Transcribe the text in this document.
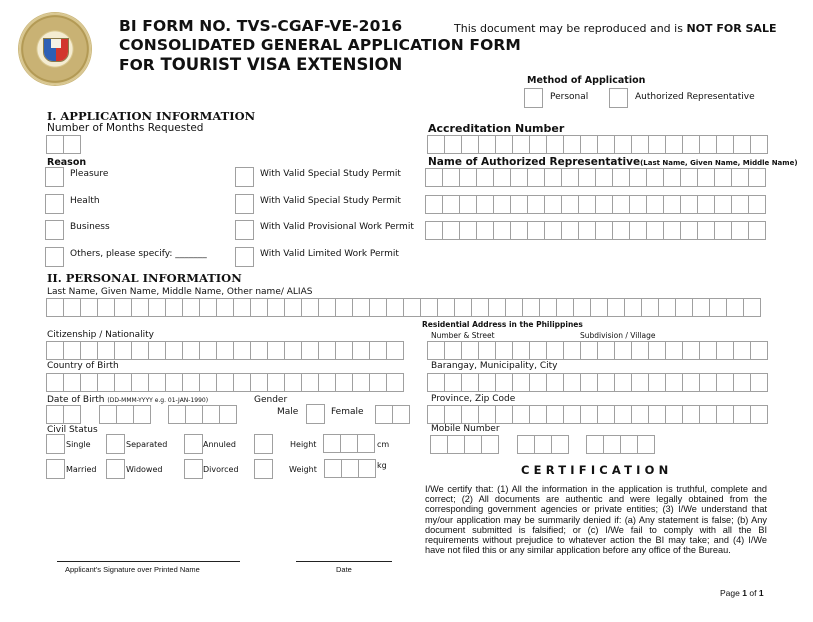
BI FORM NO. TVS-CGAF-VE-2016
CONSOLIDATED GENERAL APPLICATION FORM
FOR TOURIST VISA EXTENSION
This document may be reproduced and is NOT FOR SALE
Method of Application
Personal	Authorized Representative
I. APPLICATION INFORMATION
Number of Months Requested
Reason
Pleasure
Health
Business
Others, please specify: _______
With Valid Special Study Permit
With Valid Special Study Permit
With Valid Provisional Work Permit
With Valid Limited Work Permit
Accreditation Number
Name of Authorized Representative(Last Name, Given Name, Middle Name)
II. PERSONAL INFORMATION
Last Name, Given Name, Middle Name, Other name/ ALIAS
Citizenship / Nationality
Country of Birth
Date of Birth (DD-MMM-YYYY e.g. 01-JAN-1990)	Gender
Male	Female
Civil Status
Single	Separated	Annuled	Height	cm
Married	Widowed	Divorced	Weight	kg
Residential Address in the Philippines
Number & Street	Subdivision / Village
Barangay, Municipality, City
Province, Zip Code
Mobile Number
CERTIFICATION
I/We certify that: (1) All the information in the application is truthful, complete and correct; (2) All documents are authentic and were legally obtained from the corresponding government agencies or private entities; (3) I/We understand that my/our application may be summarily denied if: (a) Any statement is false; (b) Any document submitted is falsified; or (c) I/We fail to comply with all the BI requirements without prejudice to whatever action the BI may take; and (4) I/We have not filed this or any similar application before any office of the Bureau.
Applicant's Signature over Printed Name	Date
Page 1 of 1
